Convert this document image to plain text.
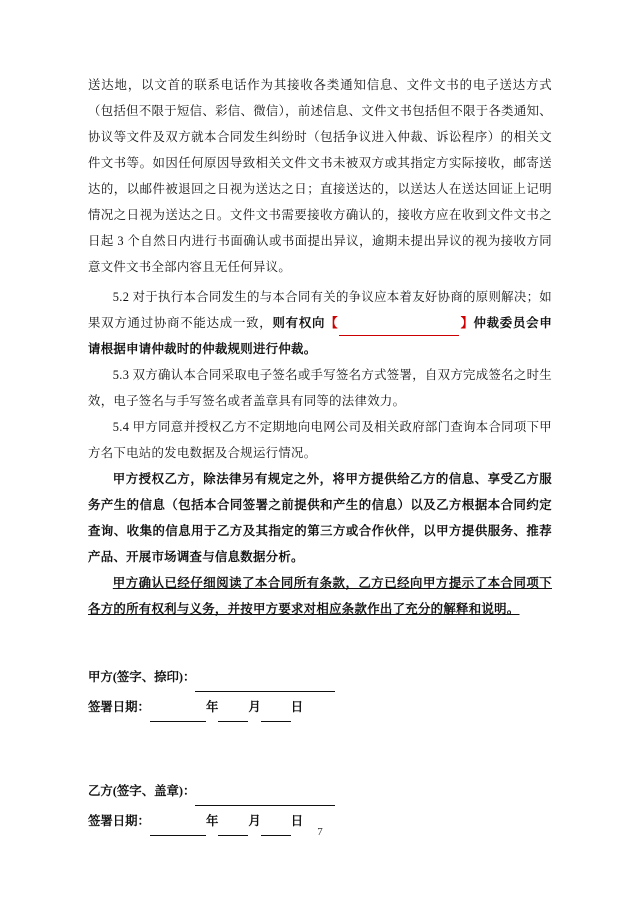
送达地，以文首的联系电话作为其接收各类通知信息、文件文书的电子送达方式（包括但不限于短信、彩信、微信），前述信息、文件文书包括但不限于各类通知、协议等文件及双方就本合同发生纠纷时（包括争议进入仲裁、诉讼程序）的相关文件文书等。如因任何原因导致相关文件文书未被双方或其指定方实际接收，邮寄送达的，以邮件被退回之日视为送达之日；直接送达的，以送达人在送达回证上记明情况之日视为送达之日。文件文书需要接收方确认的，接收方应在收到文件文书之日起 3 个自然日内进行书面确认或书面提出异议，逾期未提出异议的视为接收方同意文件文书全部内容且无任何异议。

5.2 对于执行本合同发生的与本合同有关的争议应本着友好协商的原则解决；如果双方通过协商不能达成一致，则有权向【	】仲裁委员会申请根据申请仲裁时的仲裁规则进行仲裁。

5.3 双方确认本合同采取电子签名或手写签名方式签署，自双方完成签名之时生效，电子签名与手写签名或者盖章具有同等的法律效力。

5.4 甲方同意并授权乙方不定期地向电网公司及相关政府部门查询本合同项下甲方名下电站的发电数据及合规运行情况。

甲方授权乙方，除法律另有规定之外，将甲方提供给乙方的信息、享受乙方服务产生的信息（包括本合同签署之前提供和产生的信息）以及乙方根据本合同约定查询、收集的信息用于乙方及其指定的第三方或合作伙伴，以甲方提供服务、推荐产品、开展市场调查与信息数据分析。

甲方确认已经仔细阅读了本合同所有条款，乙方已经向甲方提示了本合同项下各方的所有权利与义务，并按甲方要求对相应条款作出了充分的解释和说明。

甲方(签字、捺印)：
签署日期：	年 月 日
乙方(签字、盖章)：
签署日期：	年 月 日
7
